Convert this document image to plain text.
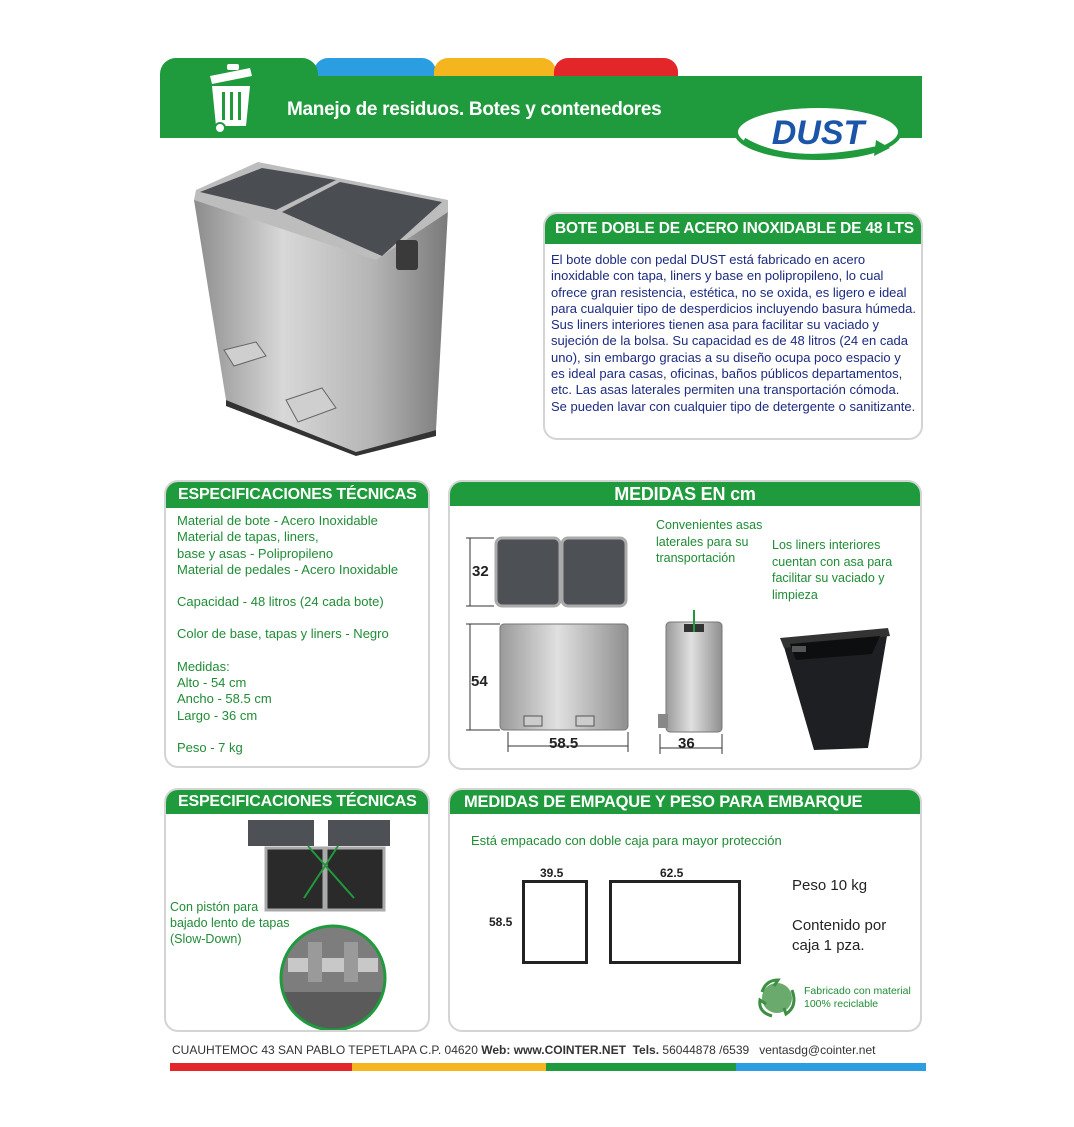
Manejo de residuos. Botes y contenedores
DUST
BOTE DOBLE DE ACERO INOXIDABLE DE 48 LTS
El bote doble con pedal DUST está fabricado en acero inoxidable con tapa, liners y base en polipropileno, lo cual ofrece gran resistencia, estética, no se oxida, es ligero e ideal para cualquier tipo de desperdicios incluyendo basura húmeda. Sus liners interiores tienen asa para facilitar su vaciado y sujeción de la bolsa. Su capacidad es de 48 litros (24 en cada uno), sin embargo gracias a su diseño ocupa poco espacio y es ideal para casas, oficinas, baños públicos departamentos, etc. Las asas laterales permiten una transportación cómoda. Se pueden lavar con cualquier tipo de detergente o sanitizante.
ESPECIFICACIONES TÉCNICAS
Material de bote - Acero Inoxidable
Material de tapas, liners,
base y asas - Polipropileno
Material de pedales - Acero Inoxidable
Capacidad - 48 litros (24 cada bote)
Color de base, tapas y liners - Negro
Medidas:
Alto - 54 cm
Ancho - 58.5 cm
Largo - 36 cm
Peso - 7 kg
MEDIDAS EN cm
32
54
58.5	36
Convenientes asas laterales para su transportación
Los liners interiores cuentan con asa para facilitar su vaciado y limpieza
ESPECIFICACIONES TÉCNICAS
Con pistón para bajado lento de tapas (Slow-Down)
MEDIDAS DE EMPAQUE Y PESO PARA EMBARQUE
Está empacado con doble caja para mayor protección
39.5	62.5
58.5
Peso 10 kg
Contenido por
caja 1 pza.
Fabricado con material
100% reciclable
CUAUHTEMOC 43 SAN PABLO TEPETLAPA C.P. 04620 Web: www.COINTER.NET Tels. 56044878 /6539 ventasdg@cointer.net
